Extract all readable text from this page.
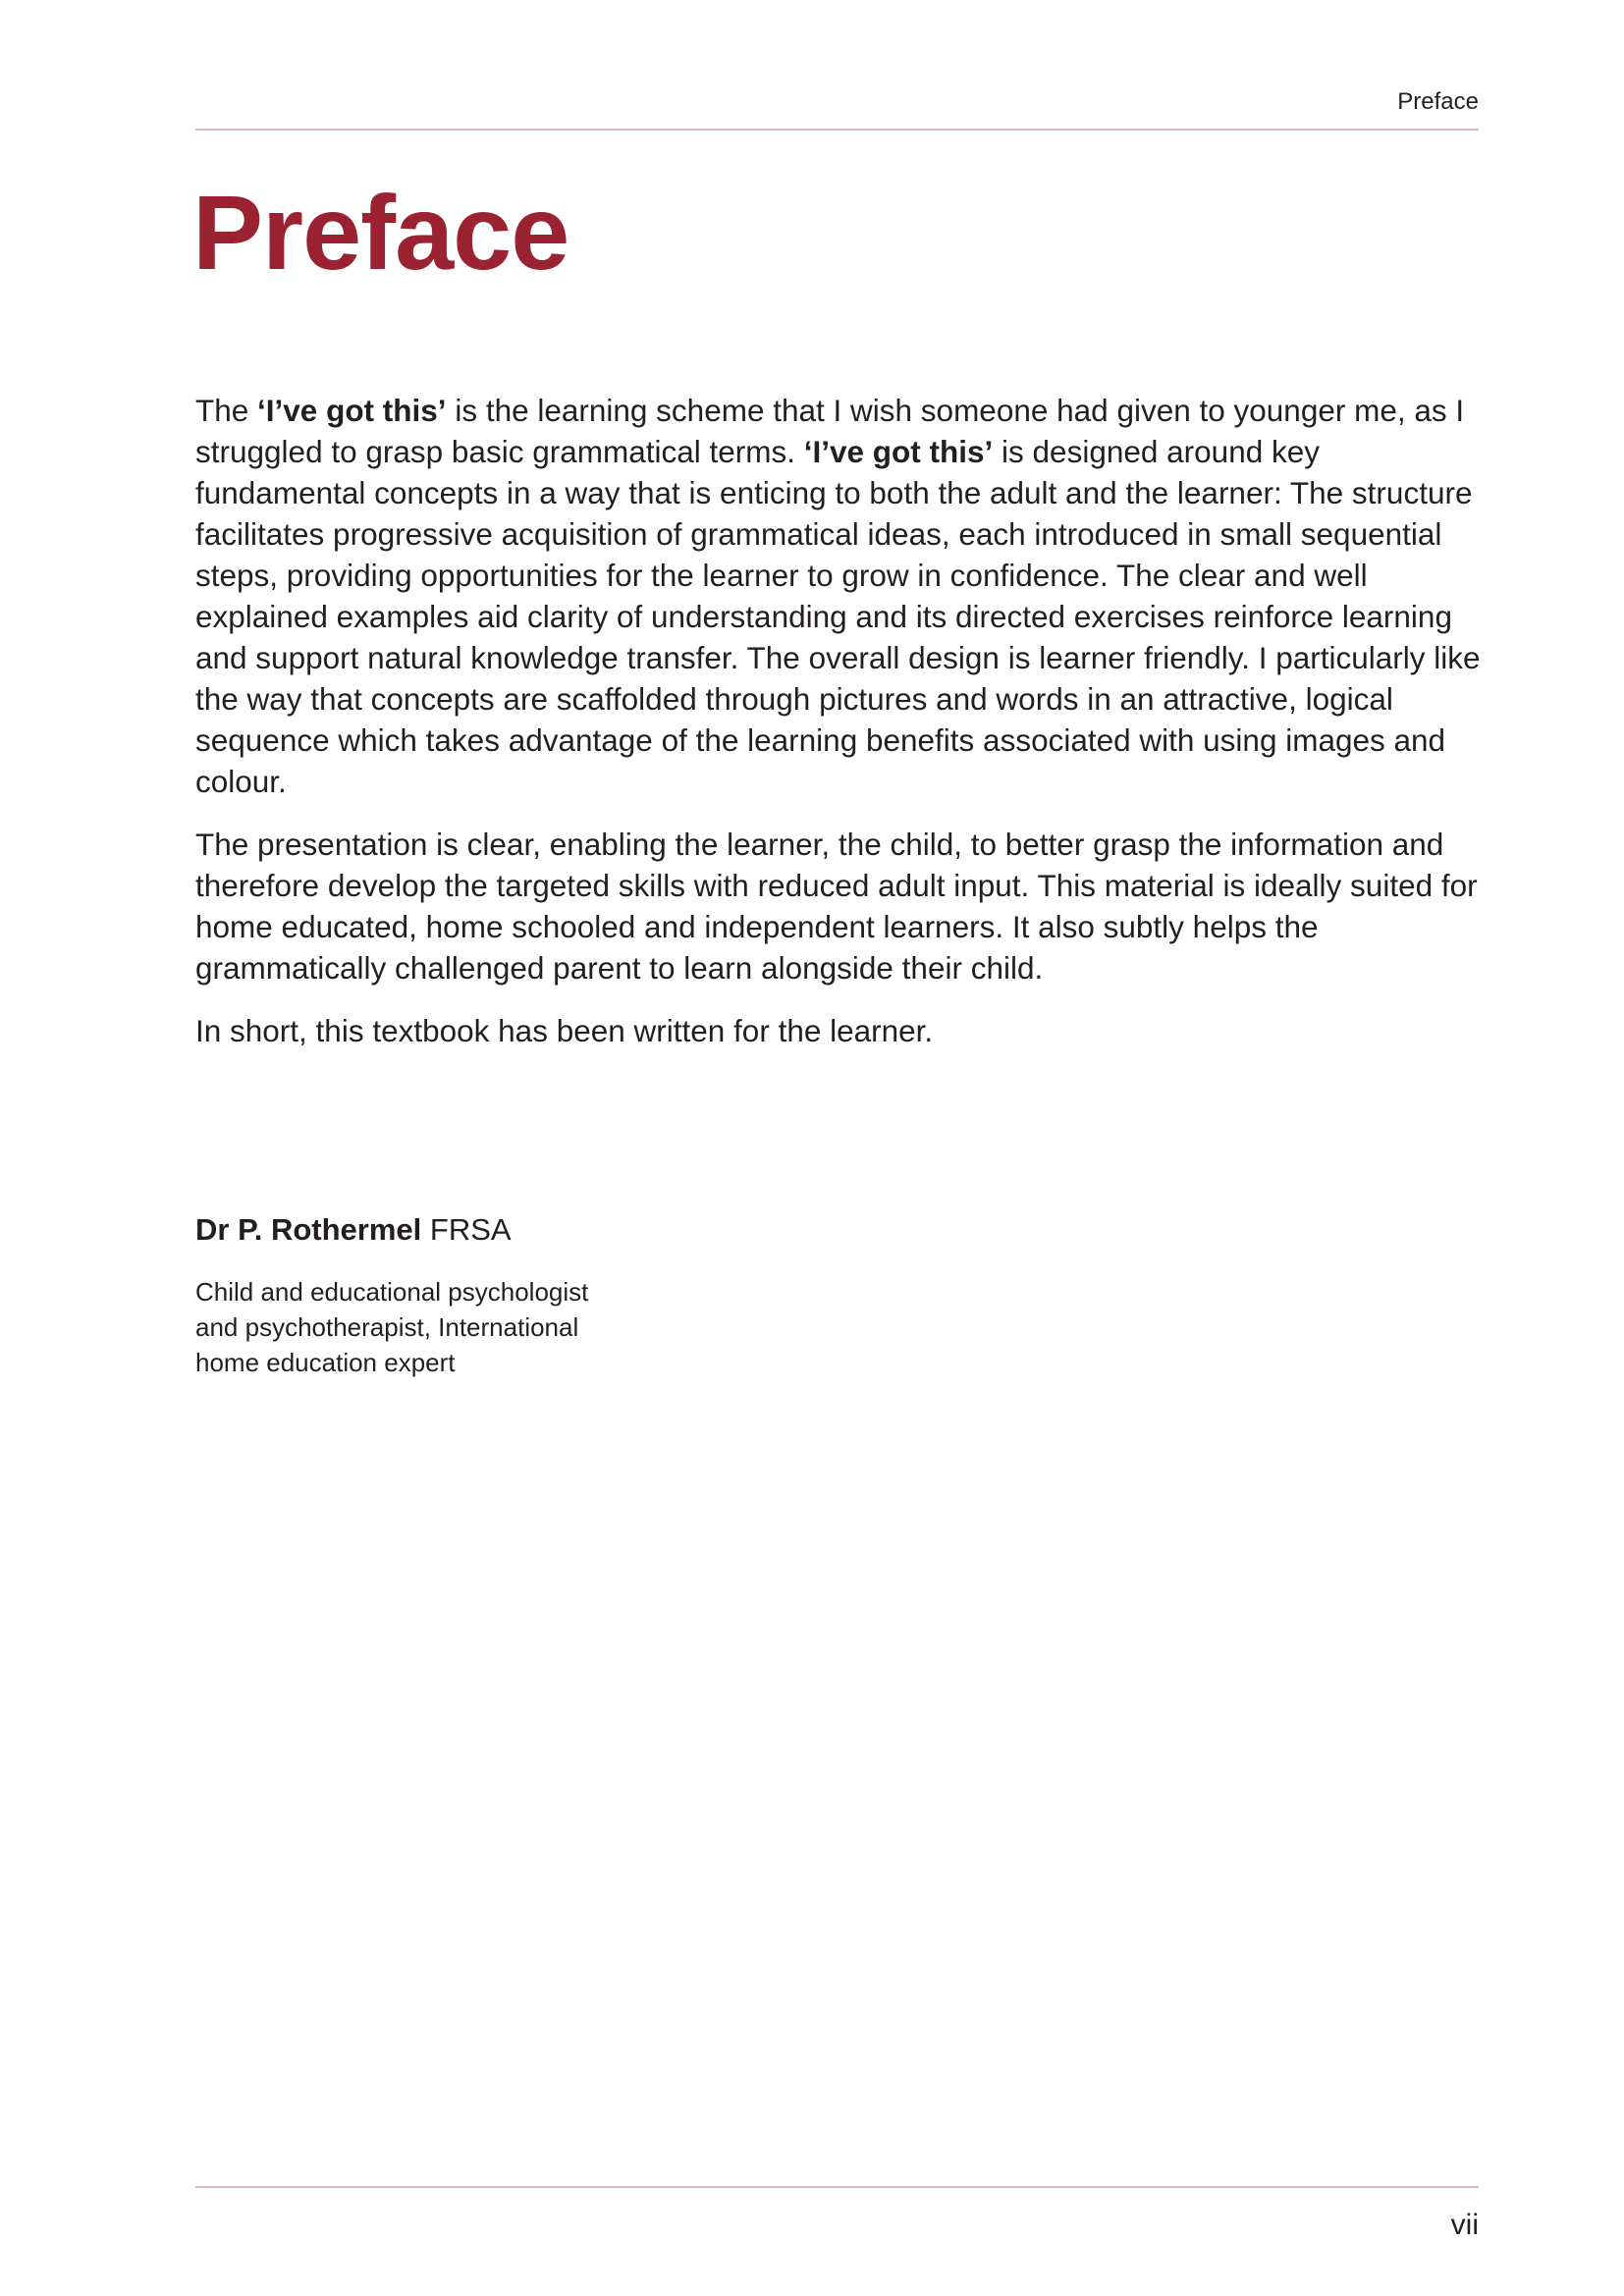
Preface
Preface

The ‘I’ve got this’ is the learning scheme that I wish someone had given to younger me, as I struggled to grasp basic grammatical terms. ‘I’ve got this’ is designed around key fundamental concepts in a way that is enticing to both the adult and the learner: The structure facilitates progressive acquisition of grammatical ideas, each introduced in small sequential steps, providing opportunities for the learner to grow in confidence. The clear and well explained examples aid clarity of understanding and its directed exercises reinforce learning and support natural knowledge transfer. The overall design is learner friendly. I particularly like the way that concepts are scaffolded through pictures and words in an attractive, logical sequence which takes advantage of the learning benefits associated with using images and colour.

The presentation is clear, enabling the learner, the child, to better grasp the information and therefore develop the targeted skills with reduced adult input. This material is ideally suited for home educated, home schooled and independent learners. It also subtly helps the grammatically challenged parent to learn alongside their child.

In short, this textbook has been written for the learner.

Dr P. Rothermel FRSA
Child and educational psychologist
and psychotherapist, International
home education expert
vii
